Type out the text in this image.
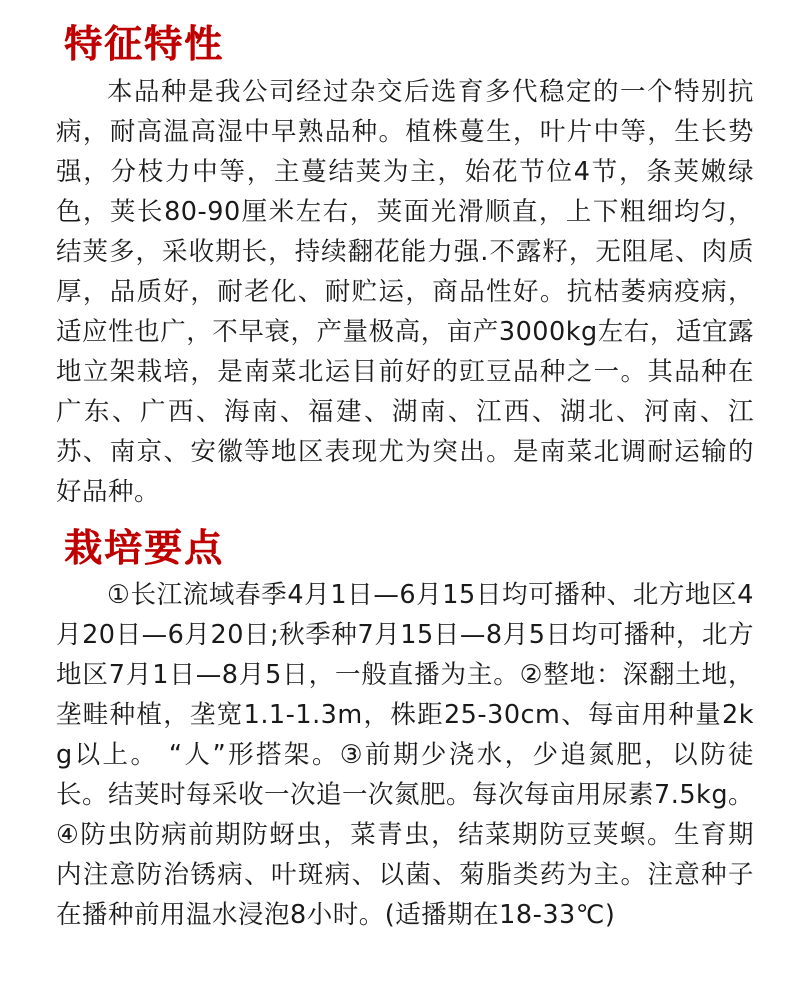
特征特性

本品种是我公司经过杂交后选育多代稳定的一个特别抗病，耐高温高湿中早熟品种。植株蔓生，叶片中等，生长势强，分枝力中等，主蔓结荚为主，始花节位4节，条荚嫩绿色，荚长80-90厘米左右，荚面光滑顺直，上下粗细均匀，结荚多，采收期长，持续翻花能力强.不露籽，无阻尾、肉质厚，品质好，耐老化、耐贮运，商品性好。抗枯萎病疫病，适应性也广，不早衰，产量极高，亩产3000kg左右，适宜露地立架栽培，是南菜北运目前好的豇豆品种之一。其品种在广东、广西、海南、福建、湖南、江西、湖北、河南、江苏、南京、安徽等地区表现尤为突出。是南菜北调耐运输的好品种。

栽培要点

①长江流域春季4月1日—6月15日均可播种、北方地区4月20日—6月20日;秋季种7月15日—8月5日均可播种，北方地区7月1日—8月5日，一般直播为主。②整地：深翻土地，垄畦种植，垄宽1.1-1.3m，株距25-30cm、每亩用种量2kg以上。 “人”形搭架。③前期少浇水，少追氮肥，以防徒长。结荚时每采收一次追一次氮肥。每次每亩用尿素7.5kg。④防虫防病前期防蚜虫，菜青虫，结菜期防豆荚螟。生育期内注意防治锈病、叶斑病、以菌、菊脂类药为主。注意种子在播种前用温水浸泡8小时。(适播期在18-33℃)
